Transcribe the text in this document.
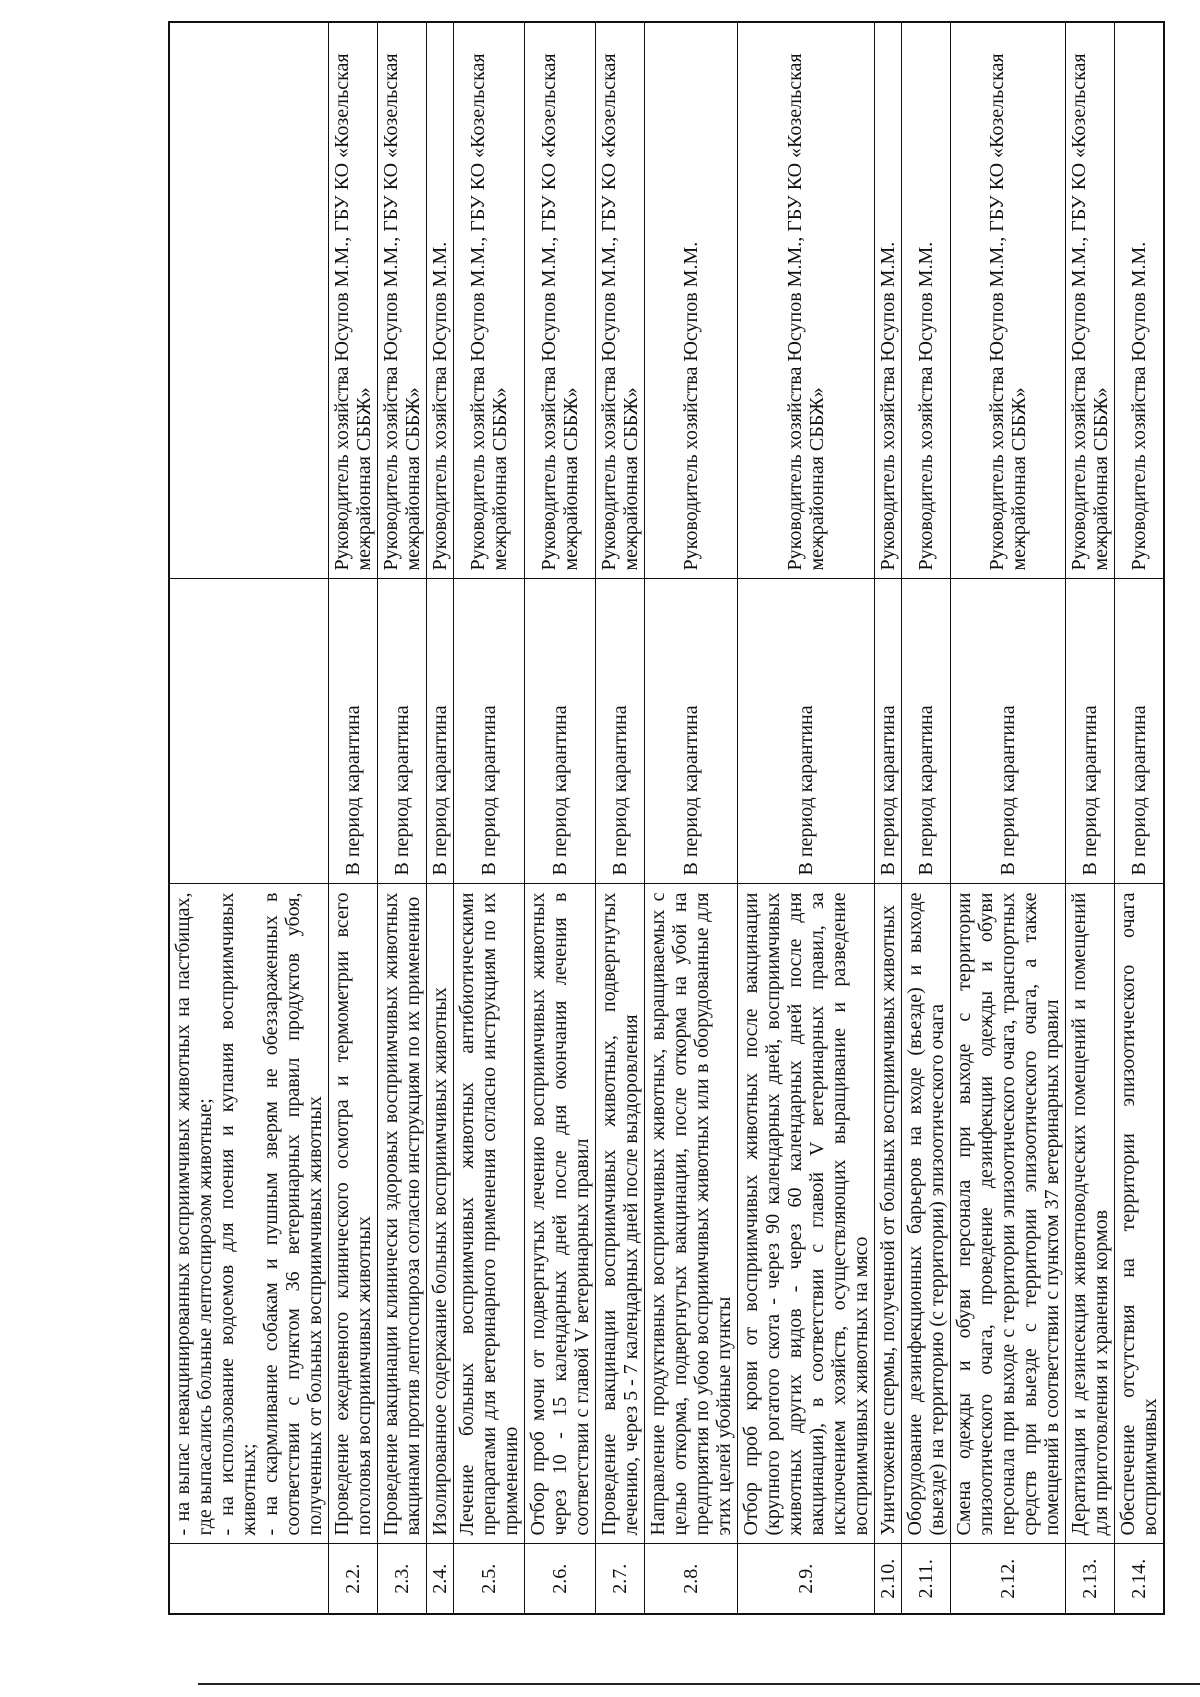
	- на выпас невакцинированных восприимчивых животных на пастбищах, где выпасались больные лептоспирозом животные; - на использование водоемов для поения и купания восприимчивых животных; - на скармливание собакам и пушным зверям не обеззараженных в соответствии с пунктом 36 ветеринарных правил продуктов убоя, полученных от больных восприимчивых животных		

2.2.	Проведение ежедневного клинического осмотра и термометрии всего поголовья восприимчивых животных	В период карантина	Руководитель хозяйства Юсупов М.М., ГБУ КО «Козельская межрайонная СББЖ»
2.3.	Проведение вакцинации клинически здоровых восприимчивых животных вакцинами против лептоспироза согласно инструкциям по их применению	В период карантина	Руководитель хозяйства Юсупов М.М., ГБУ КО «Козельская межрайонная СББЖ»
2.4.	Изолированное содержание больных восприимчивых животных	В период карантина	Руководитель хозяйства Юсупов М.М.
2.5.	Лечение больных восприимчивых животных антибиотическими препаратами для ветеринарного применения согласно инструкциям по их применению	В период карантина	Руководитель хозяйства Юсупов М.М., ГБУ КО «Козельская межрайонная СББЖ»
2.6.	Отбор проб мочи от подвергнутых лечению восприимчивых животных через 10 - 15 календарных дней после дня окончания лечения в соответствии с главой V ветеринарных правил	В период карантина	Руководитель хозяйства Юсупов М.М., ГБУ КО «Козельская межрайонная СББЖ»
2.7.	Проведение вакцинации восприимчивых животных, подвергнутых лечению, через 5 - 7 календарных дней после выздоровления	В период карантина	Руководитель хозяйства Юсупов М.М., ГБУ КО «Козельская межрайонная СББЖ»
2.8.	Направление продуктивных восприимчивых животных, выращиваемых с целью откорма, подвергнутых вакцинации, после откорма на убой на предприятия по убою восприимчивых животных или в оборудованные для этих целей убойные пункты	В период карантина	Руководитель хозяйства Юсупов М.М.
2.9.	Отбор проб крови от восприимчивых животных после вакцинации (крупного рогатого скота - через 90 календарных дней, восприимчивых животных других видов - через 60 календарных дней после дня вакцинации), в соответствии с главой V ветеринарных правил, за исключением хозяйств, осуществляющих выращивание и разведение восприимчивых животных на мясо	В период карантина	Руководитель хозяйства Юсупов М.М., ГБУ КО «Козельская межрайонная СББЖ»
2.10.	Уничтожение спермы, полученной от больных восприимчивых животных	В период карантина	Руководитель хозяйства Юсупов М.М.
2.11.	Оборудование дезинфекционных барьеров на входе (въезде) и выходе (выезде) на территорию (с территории) эпизоотического очага	В период карантина	Руководитель хозяйства Юсупов М.М.
2.12.	Смена одежды и обуви персонала при выходе с территории эпизоотического очага, проведение дезинфекции одежды и обуви персонала при выходе с территории эпизоотического очага, транспортных средств при выезде с территории эпизоотического очага, а также помещений в соответствии с пунктом 37 ветеринарных правил	В период карантина	Руководитель хозяйства Юсупов М.М., ГБУ КО «Козельская межрайонная СББЖ»
2.13.	Дератизация и дезинсекция животноводческих помещений и помещений для приготовления и хранения кормов	В период карантина	Руководитель хозяйства Юсупов М.М., ГБУ КО «Козельская межрайонная СББЖ»
2.14.	Обеспечение отсутствия на территории эпизоотического очага восприимчивых	В период карантина	Руководитель хозяйства Юсупов М.М.
